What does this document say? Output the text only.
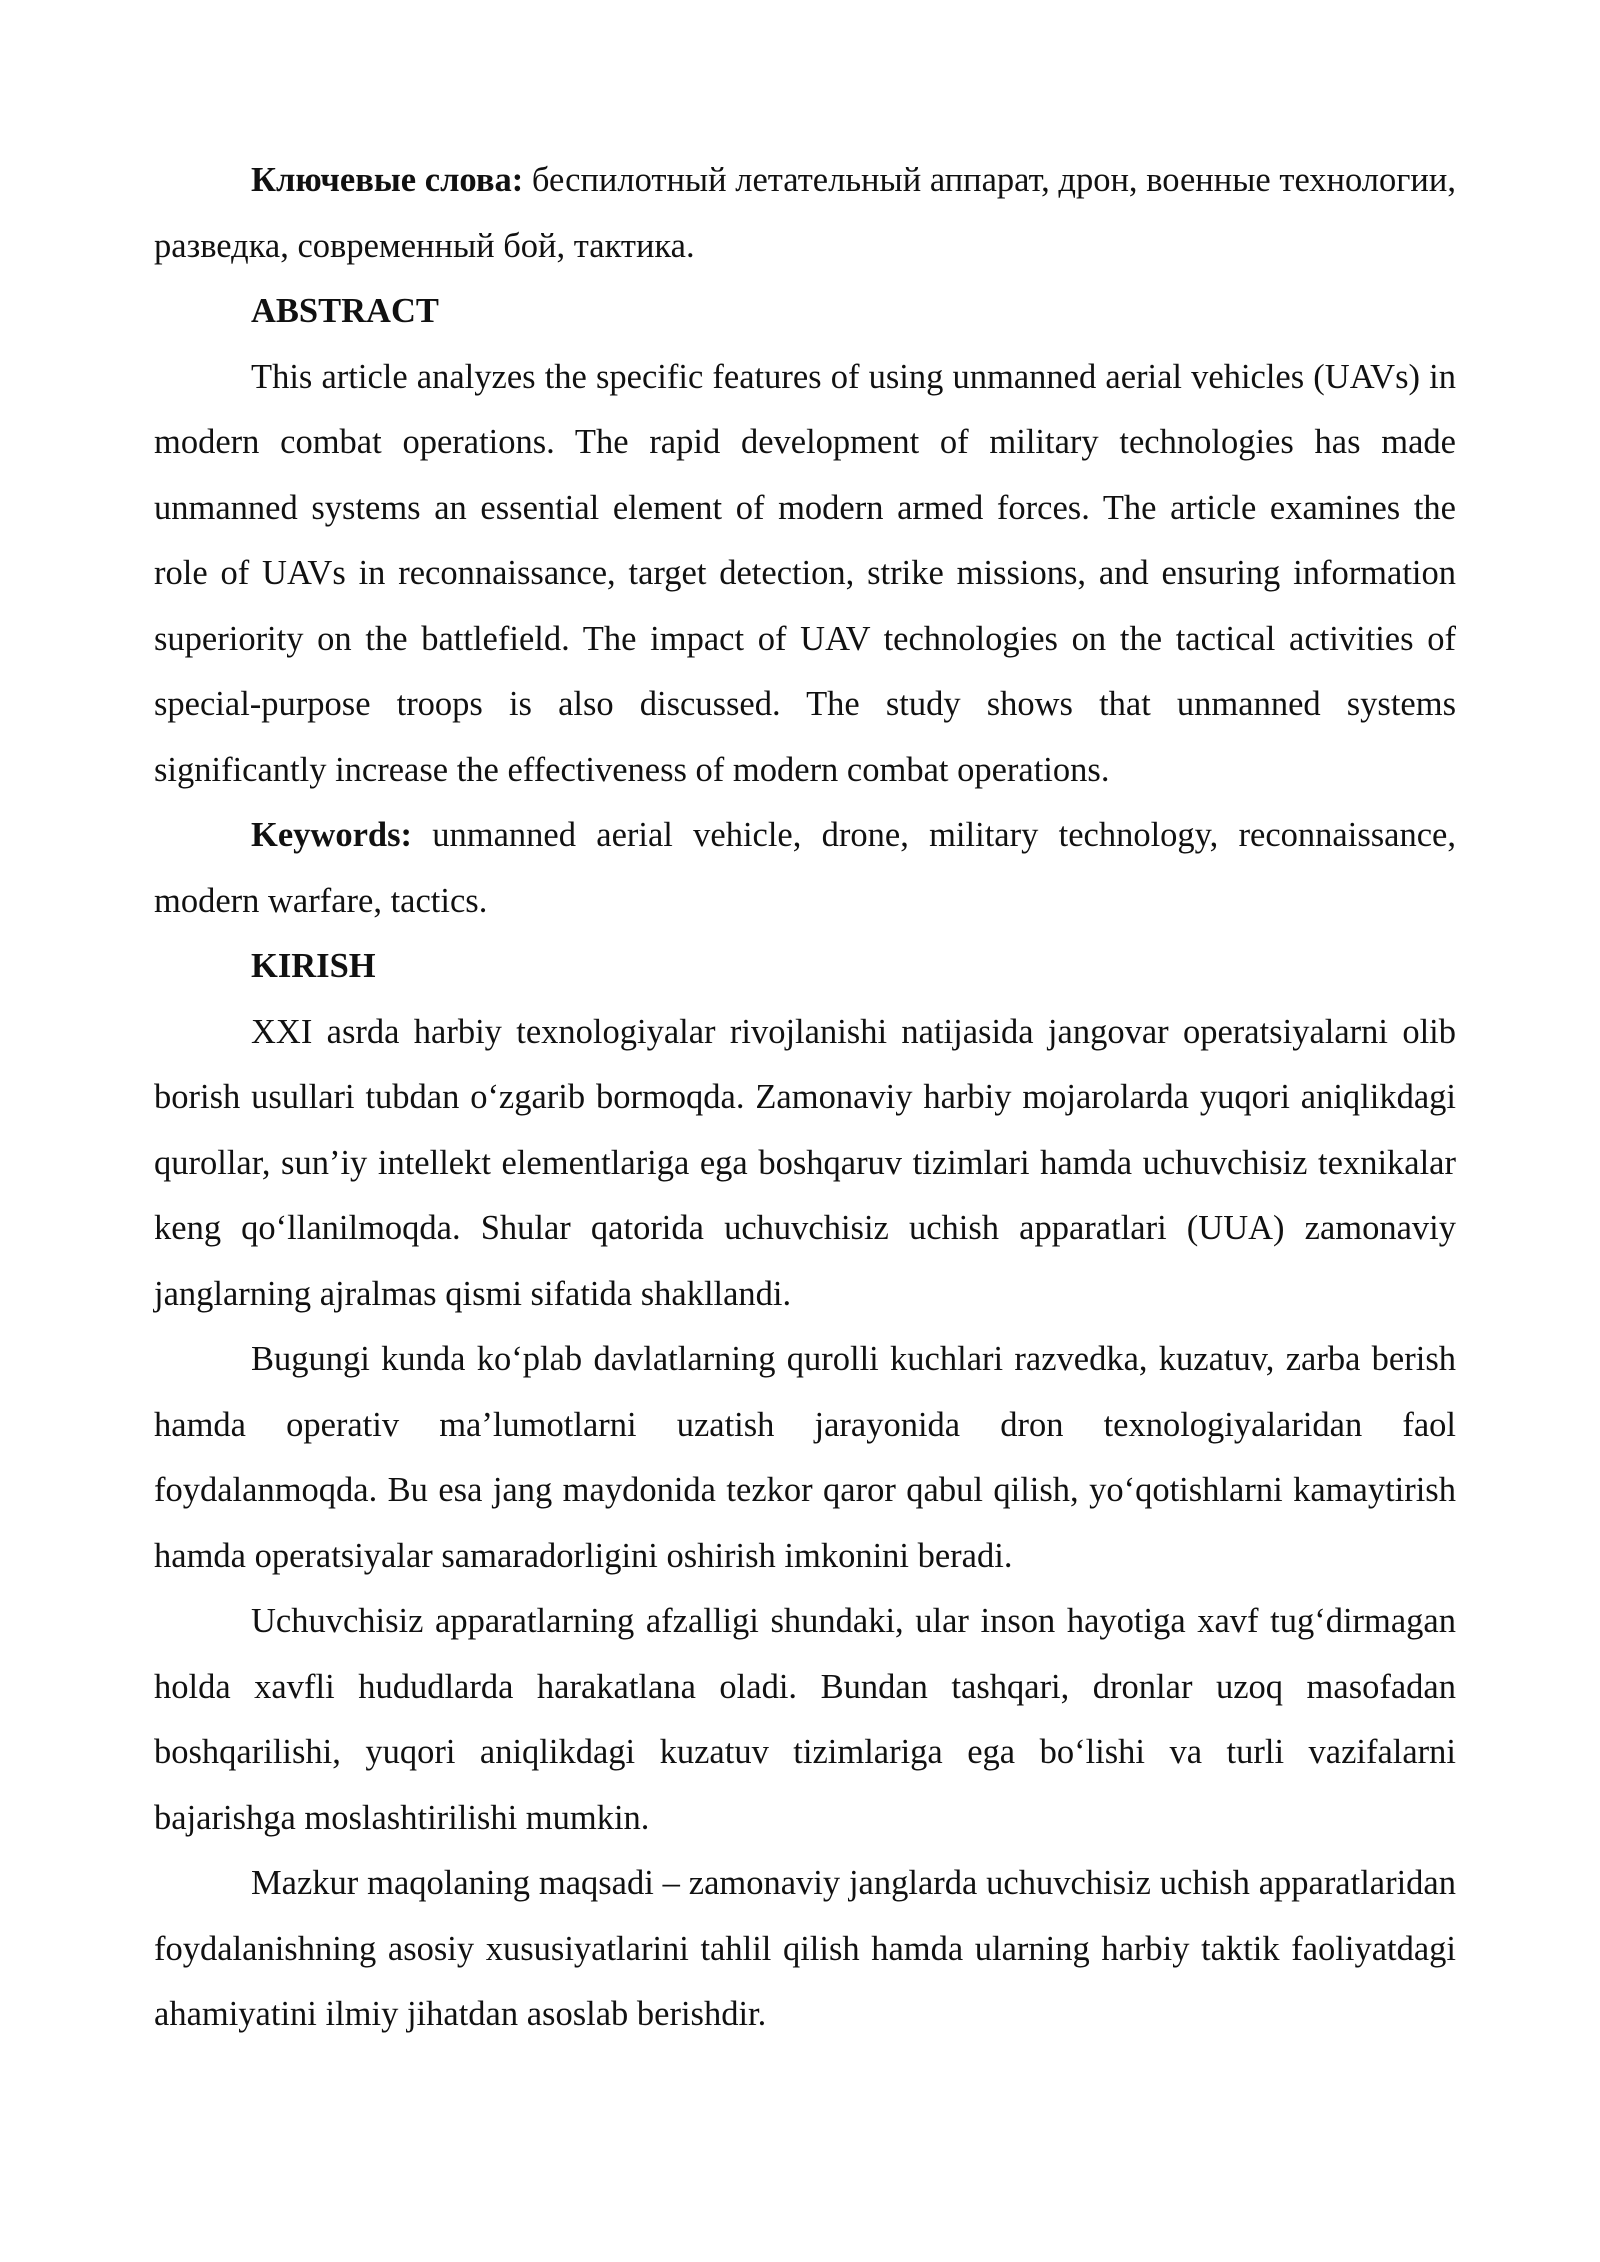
Ключевые слова: беспилотный летательный аппарат, дрон, военные технологии, разведка, современный бой, тактика.

ABSTRACT

This article analyzes the specific features of using unmanned aerial vehicles (UAVs) in modern combat operations. The rapid development of military technologies has made unmanned systems an essential element of modern armed forces. The article examines the role of UAVs in reconnaissance, target detection, strike missions, and ensuring information superiority on the battlefield. The impact of UAV technologies on the tactical activities of special-purpose troops is also discussed. The study shows that unmanned systems significantly increase the effectiveness of modern combat operations.

Keywords: unmanned aerial vehicle, drone, military technology, reconnaissance, modern warfare, tactics.

KIRISH

XXI asrda harbiy texnologiyalar rivojlanishi natijasida jangovar operatsiyalarni olib borish usullari tubdan o‘zgarib bormoqda. Zamonaviy harbiy mojarolarda yuqori aniqlikdagi qurollar, sun’iy intellekt elementlariga ega boshqaruv tizimlari hamda uchuvchisiz texnikalar keng qo‘llanilmoqda. Shular qatorida uchuvchisiz uchish apparatlari (UUA) zamonaviy janglarning ajralmas qismi sifatida shakllandi.

Bugungi kunda ko‘plab davlatlarning qurolli kuchlari razvedka, kuzatuv, zarba berish hamda operativ ma’lumotlarni uzatish jarayonida dron texnologiyalaridan faol foydalanmoqda. Bu esa jang maydonida tezkor qaror qabul qilish, yo‘qotishlarni kamaytirish hamda operatsiyalar samaradorligini oshirish imkonini beradi.

Uchuvchisiz apparatlarning afzalligi shundaki, ular inson hayotiga xavf tug‘dirmagan holda xavfli hududlarda harakatlana oladi. Bundan tashqari, dronlar uzoq masofadan boshqarilishi, yuqori aniqlikdagi kuzatuv tizimlariga ega bo‘lishi va turli vazifalarni bajarishga moslashtirilishi mumkin.

Mazkur maqolaning maqsadi – zamonaviy janglarda uchuvchisiz uchish apparatlaridan foydalanishning asosiy xususiyatlarini tahlil qilish hamda ularning harbiy taktik faoliyatdagi ahamiyatini ilmiy jihatdan asoslab berishdir.
